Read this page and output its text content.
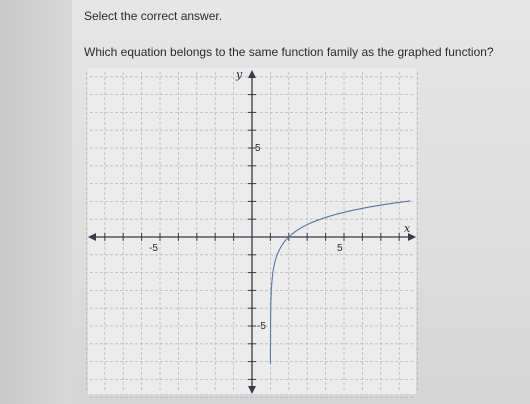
Select the correct answer.
Which equation belongs to the same function family as the graphed function?
x
y
-5	5
5
-5
